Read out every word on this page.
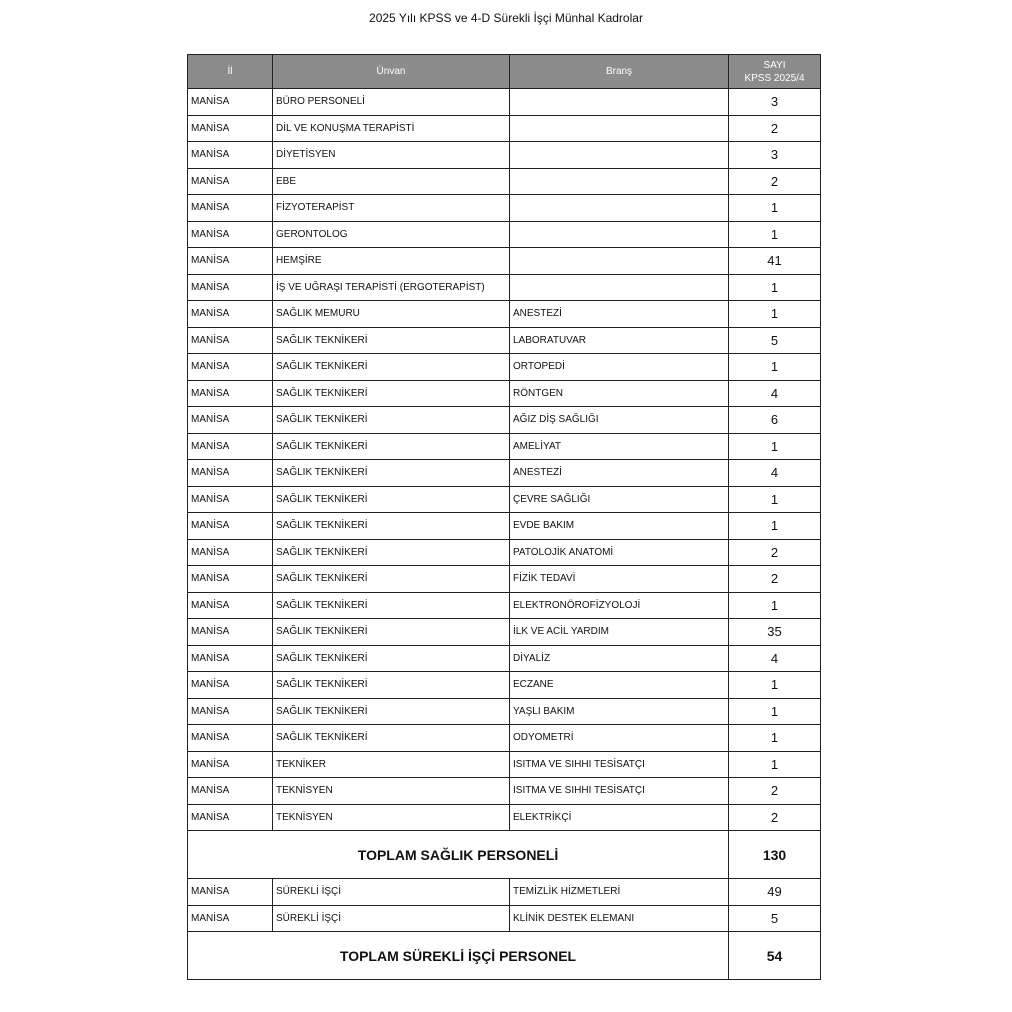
2025 Yılı KPSS ve 4-D Sürekli İşçi Münhal Kadrolar
İl	Ünvan	Branş	SAYI
KPSS 2025/4
MANİSA	BÜRO PERSONELİ		3
MANİSA	DİL VE KONUŞMA TERAPİSTİ		2
MANİSA	DİYETİSYEN		3
MANİSA	EBE		2
MANİSA	FİZYOTERAPİST		1
MANİSA	GERONTOLOG		1
MANİSA	HEMŞİRE		41
MANİSA	İŞ VE UĞRAŞI TERAPİSTİ (ERGOTERAPİST)		1
MANİSA	SAĞLIK MEMURU	ANESTEZİ	1
MANİSA	SAĞLIK TEKNİKERİ	LABORATUVAR	5
MANİSA	SAĞLIK TEKNİKERİ	ORTOPEDİ	1
MANİSA	SAĞLIK TEKNİKERİ	RÖNTGEN	4
MANİSA	SAĞLIK TEKNİKERİ	AĞIZ DİŞ SAĞLIĞI	6
MANİSA	SAĞLIK TEKNİKERİ	AMELİYAT	1
MANİSA	SAĞLIK TEKNİKERİ	ANESTEZİ	4
MANİSA	SAĞLIK TEKNİKERİ	ÇEVRE SAĞLIĞI	1
MANİSA	SAĞLIK TEKNİKERİ	EVDE BAKIM	1
MANİSA	SAĞLIK TEKNİKERİ	PATOLOJİK ANATOMİ	2
MANİSA	SAĞLIK TEKNİKERİ	FİZİK TEDAVİ	2
MANİSA	SAĞLIK TEKNİKERİ	ELEKTRONÖROFİZYOLOJİ	1
MANİSA	SAĞLIK TEKNİKERİ	İLK VE ACİL YARDIM	35
MANİSA	SAĞLIK TEKNİKERİ	DİYALİZ	4
MANİSA	SAĞLIK TEKNİKERİ	ECZANE	1
MANİSA	SAĞLIK TEKNİKERİ	YAŞLI BAKIM	1
MANİSA	SAĞLIK TEKNİKERİ	ODYOMETRİ	1
MANİSA	TEKNİKER	ISITMA VE SIHHI TESİSATÇI	1
MANİSA	TEKNİSYEN	ISITMA VE SIHHI TESİSATÇI	2
MANİSA	TEKNİSYEN	ELEKTRİKÇİ	2
TOPLAM SAĞLIK PERSONELİ			130
MANİSA	SÜREKLİ İŞÇİ	TEMİZLİK HİZMETLERİ	49
MANİSA	SÜREKLİ İŞÇİ	KLİNİK DESTEK ELEMANI	5
TOPLAM SÜREKLİ İŞÇİ PERSONEL			54
